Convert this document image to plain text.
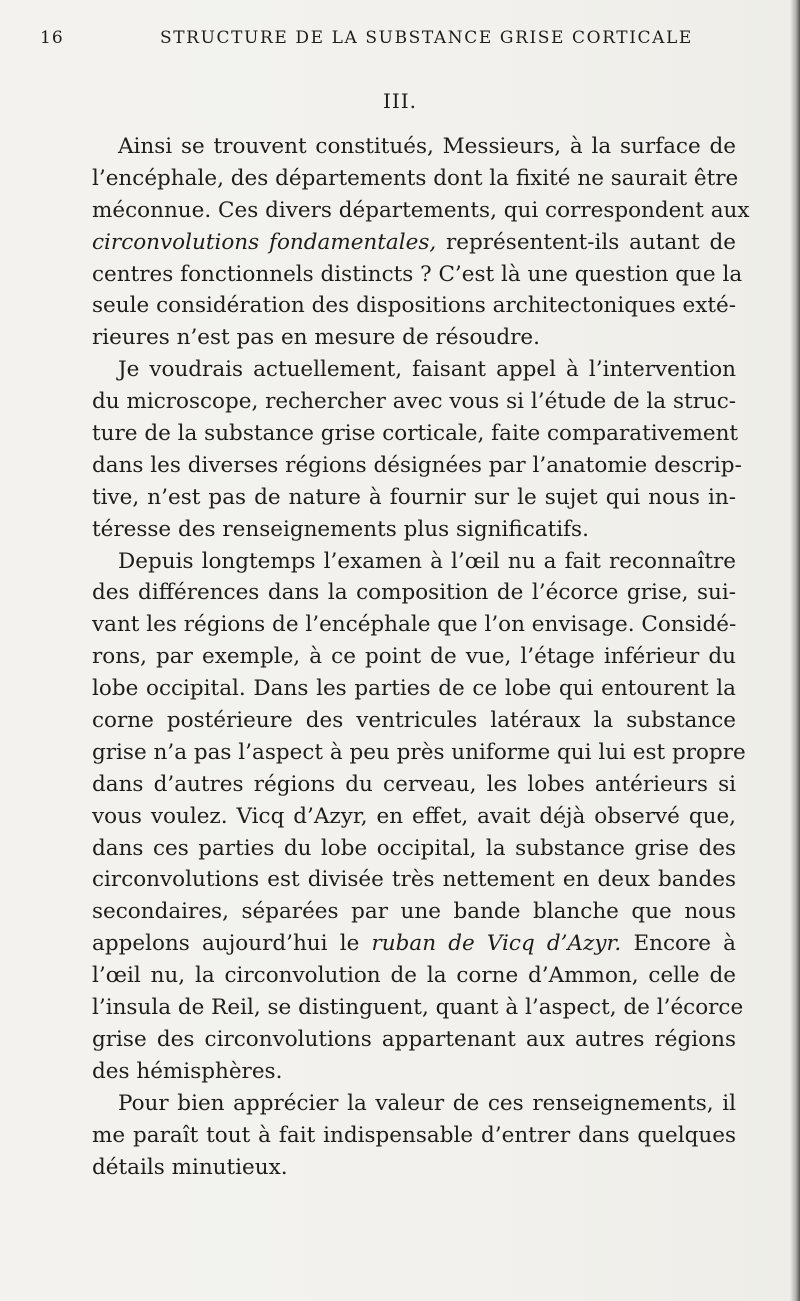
16	STRUCTURE DE LA SUBSTANCE GRISE CORTICALE
III.
Ainsi se trouvent constitués, Messieurs, à la surface de
l’encéphale, des départements dont la fixité ne saurait être
méconnue. Ces divers départements, qui correspondent aux
circonvolutions fondamentales, représentent-ils autant de
centres fonctionnels distincts ? C’est là une question que la
seule considération des dispositions architectoniques exté-
rieures n’est pas en mesure de résoudre.
Je voudrais actuellement, faisant appel à l’intervention
du microscope, rechercher avec vous si l’étude de la struc-
ture de la substance grise corticale, faite comparativement
dans les diverses régions désignées par l’anatomie descrip-
tive, n’est pas de nature à fournir sur le sujet qui nous in-
téresse des renseignements plus significatifs.
Depuis longtemps l’examen à l’œil nu a fait reconnaître
des différences dans la composition de l’écorce grise, sui-
vant les régions de l’encéphale que l’on envisage. Considé-
rons, par exemple, à ce point de vue, l’étage inférieur du
lobe occipital. Dans les parties de ce lobe qui entourent la
corne postérieure des ventricules latéraux la substance
grise n’a pas l’aspect à peu près uniforme qui lui est propre
dans d’autres régions du cerveau, les lobes antérieurs si
vous voulez. Vicq d’Azyr, en effet, avait déjà observé que,
dans ces parties du lobe occipital, la substance grise des
circonvolutions est divisée très nettement en deux bandes
secondaires, séparées par une bande blanche que nous
appelons aujourd’hui le ruban de Vicq d’Azyr. Encore à
l’œil nu, la circonvolution de la corne d’Ammon, celle de
l’insula de Reil, se distinguent, quant à l’aspect, de l’écorce
grise des circonvolutions appartenant aux autres régions
des hémisphères.
Pour bien apprécier la valeur de ces renseignements, il
me paraît tout à fait indispensable d’entrer dans quelques
détails minutieux.
